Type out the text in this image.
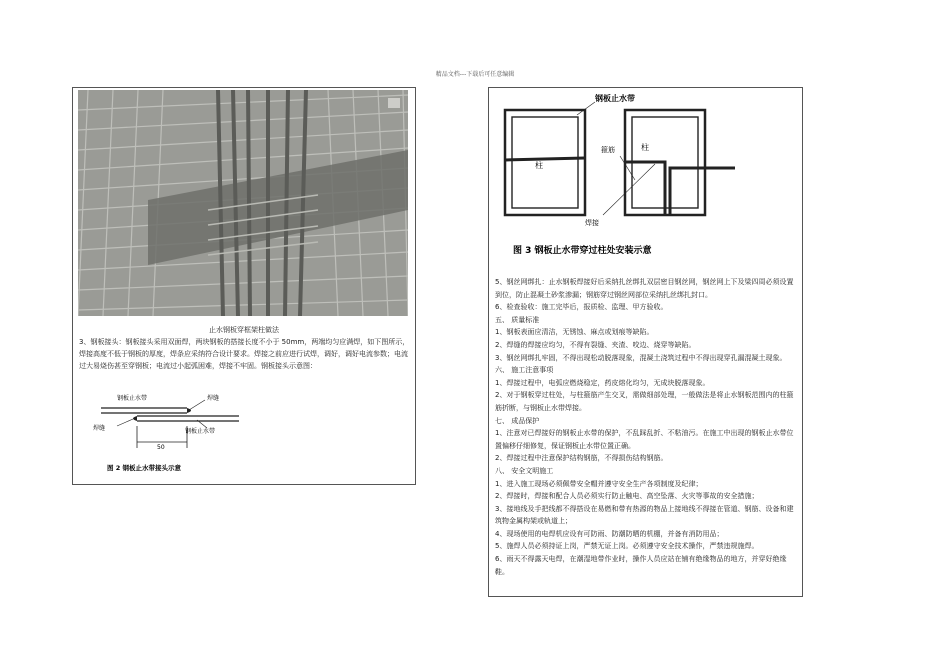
精品文档---下载后可任意编辑
止水钢板穿框架柱做法
3、钢板接头：钢板接头采用双面焊，两块钢板的搭接长度不小于 50mm，两端均匀应满焊，如下图所示，焊接高度不低于钢板的厚度，焊条应采纳符合设计要求。焊接之前应进行试焊，调好，调好电流参数；电流过大易烧伤甚至穿钢板；电流过小起弧困难，焊接不牢固。钢板接头示意图：
钢板止水带	焊缝
焊缝	钢板止水带
50
图 2 钢板止水带接头示意
柱
柱
钢板止水带
箍筋
焊接
图 3 钢板止水带穿过柱处安装示意
5、钢丝网绑扎：止水钢板焊接好后采纳扎丝绑扎双层密目钢丝网，钢丝网上下及梁四周必须设置到位，防止混凝土砂浆渗漏；钢筋穿过钢丝网部位采纳扎丝绑扎封口。
6、检查验收：施工完毕后，报质检、监理、甲方验收。
五、 质量标准
1、钢板表面应清洁，无锈蚀、麻点或划痕等缺陷。
2、焊缝的焊接应均匀，不得有裂缝、夹渣、咬边、烧穿等缺陷。
3、钢丝网绑扎牢固，不得出现松动脱落现象，混凝土浇筑过程中不得出现穿孔漏混凝土现象。
六、 施工注意事项
1、焊接过程中，电弧应燃烧稳定，药皮熔化均匀，无成块脱落现象。
2、对于钢板穿过柱处，与柱箍筋产生交叉，需做细部处理，一般做法是将止水钢板范围内的柱箍筋折断，与钢板止水带焊接。
七、 成品保护
1、注意对已焊接好的钢板止水带的保护，不乱踩乱折、不粘油污。在施工中出现的钢板止水带位置偏移仔细修复，保证钢板止水带位置正确。
2、焊接过程中注意保护结构钢筋，不得损伤结构钢筋。
八、 安全文明施工
1、进入施工现场必须佩带安全帽并遵守安全生产各项制度及纪律；
2、焊接时，焊接和配合人员必须实行防止触电、高空坠落、火灾等事故的安全措施；
3、接地线及手把线都不得搭设在易燃和带有热源的物品上接地线不得接在管道、钢筋、设备和建筑物金属构架或轨道上；
4、现场使用的电焊机应设有可防雨、防潮防晒的机棚，并备有消防用品；
5、施焊人员必须持证上岗，严禁无证上岗。必须遵守安全技术操作，严禁违规施焊。
6、雨天不得露天电焊，在潮湿地带作业时，操作人员应站在铺有绝缘物品的地方，并穿好绝缘鞋。
